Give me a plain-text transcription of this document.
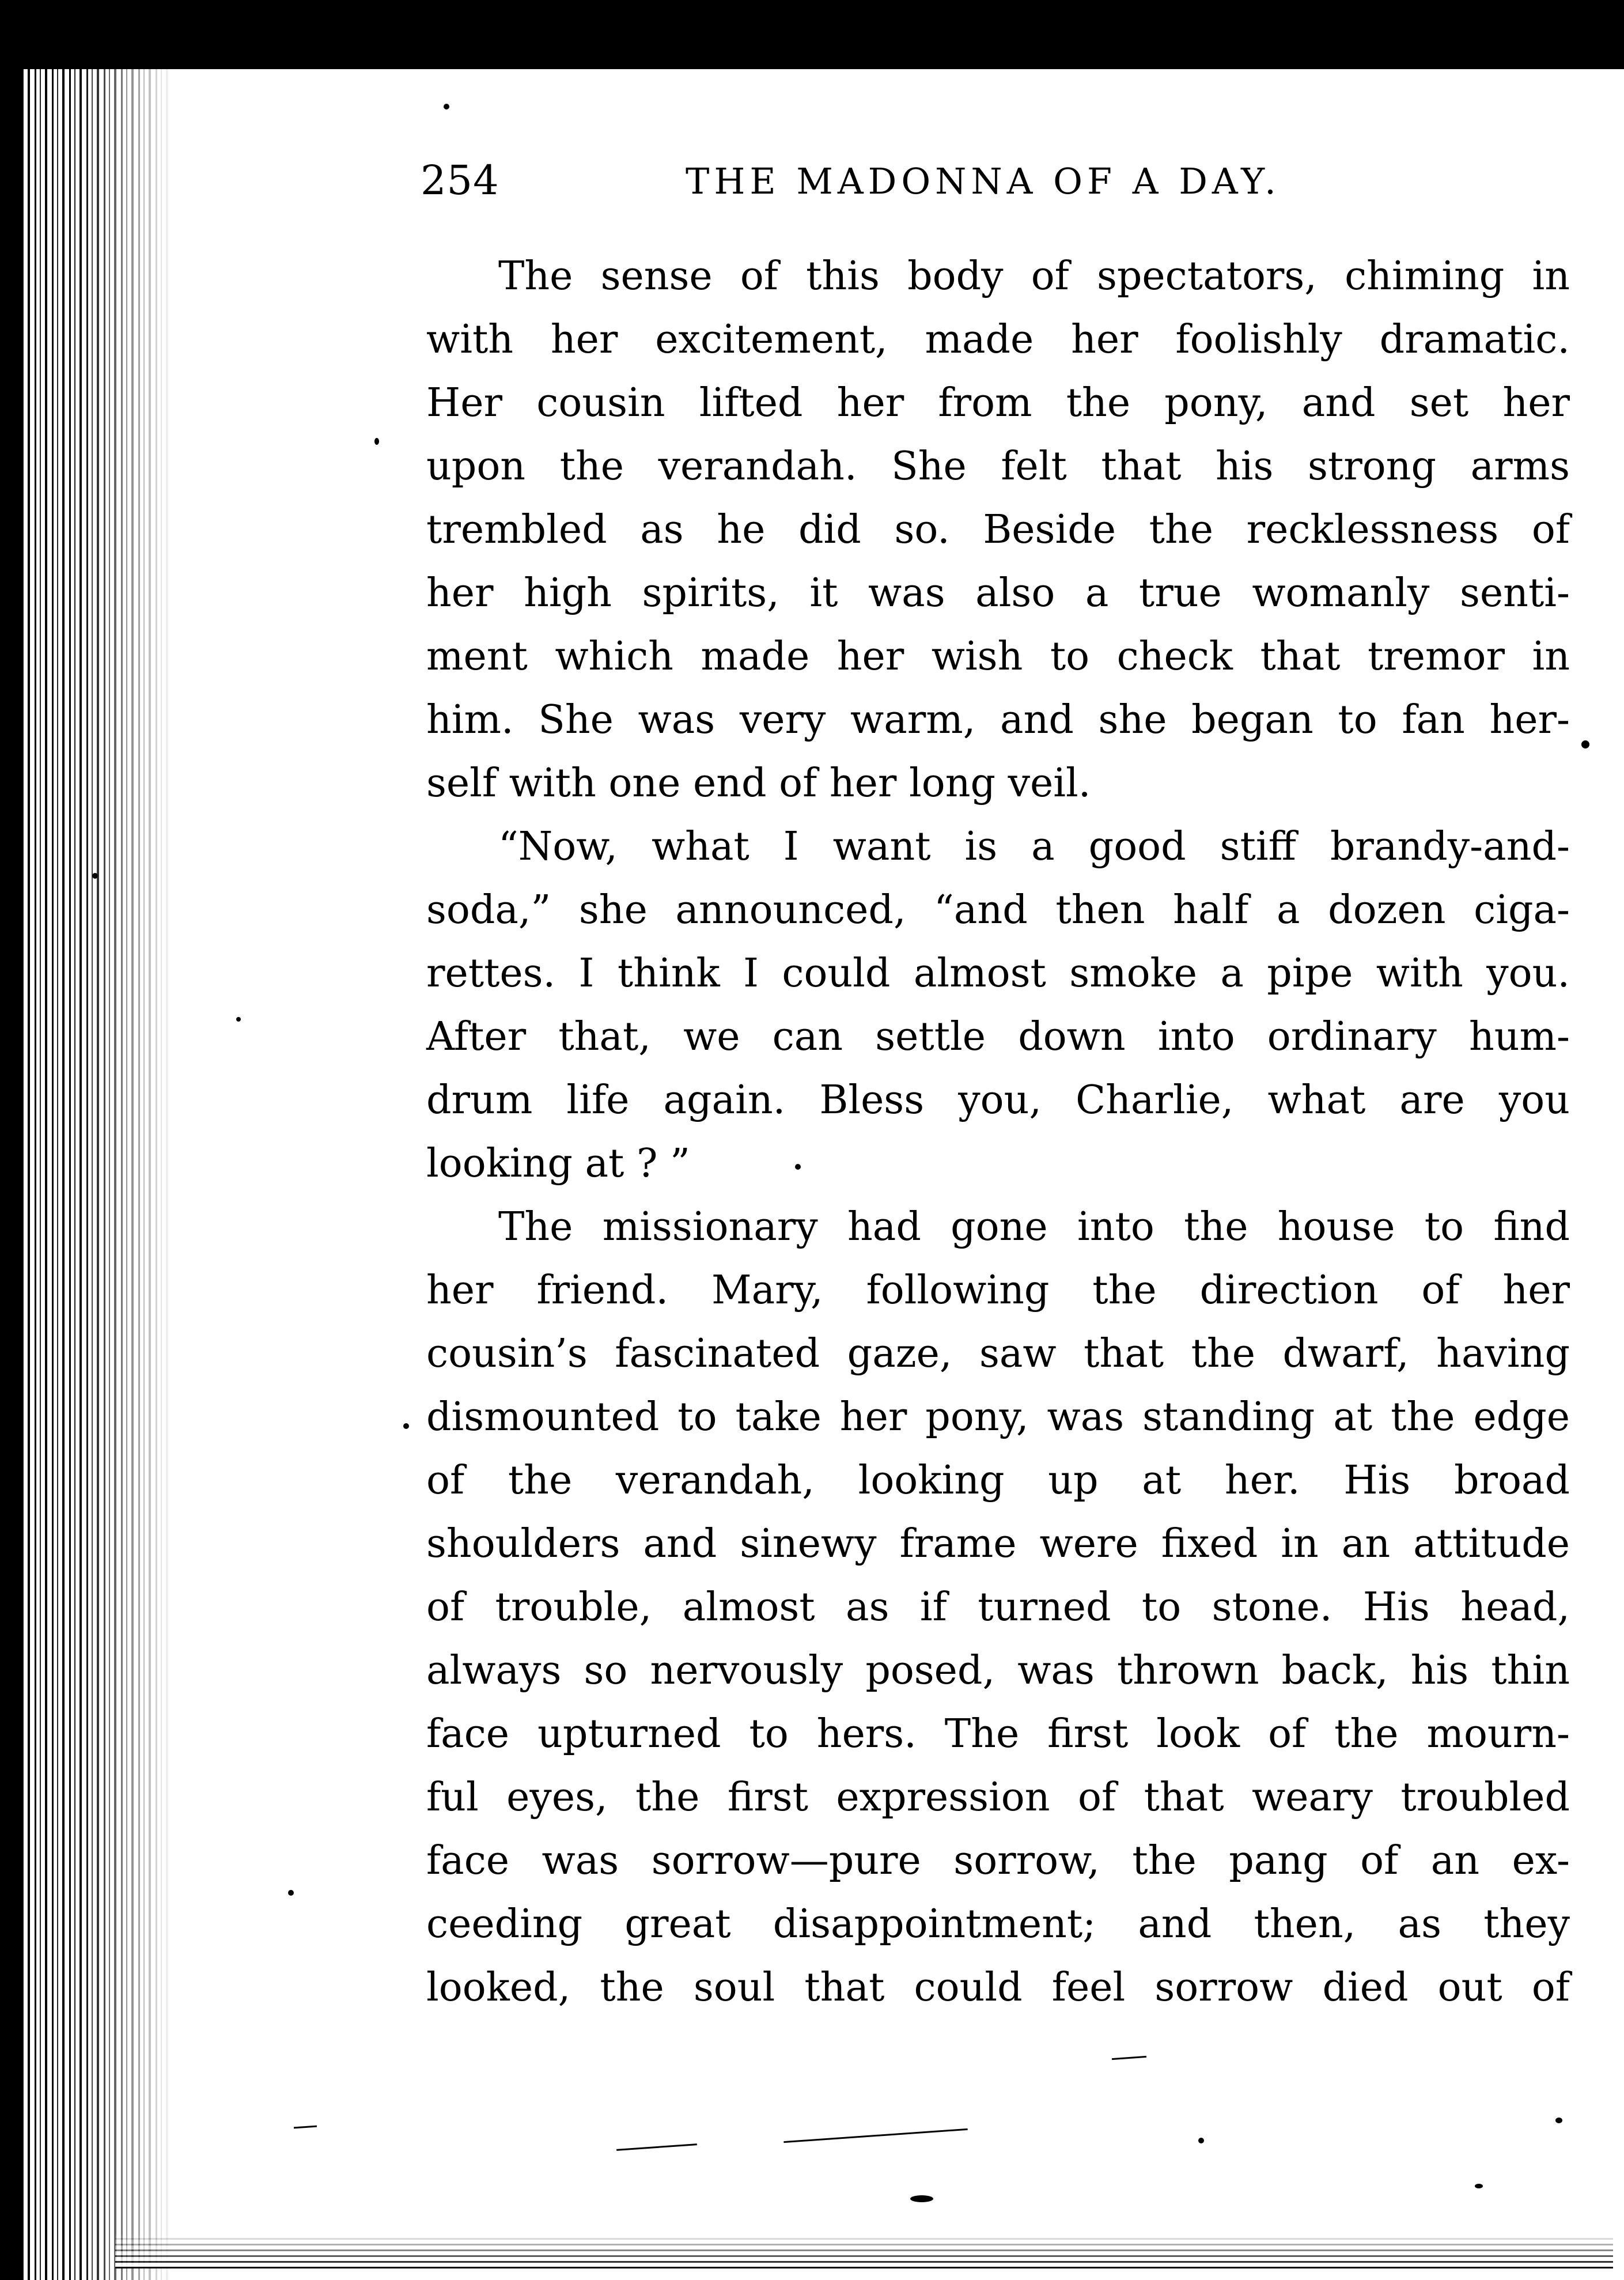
254	THE MADONNA OF A DAY.
The sense of this body of spectators, chiming in
with her excitement, made her foolishly dramatic.
Her cousin lifted her from the pony, and set her
upon the verandah. She felt that his strong arms
trembled as he did so. Beside the recklessness of
her high spirits, it was also a true womanly senti-
ment which made her wish to check that tremor in
him. She was very warm, and she began to fan her-
self with one end of her long veil.
“Now, what I want is a good stiff brandy-and-
soda,” she announced, “and then half a dozen ciga-
rettes. I think I could almost smoke a pipe with you.
After that, we can settle down into ordinary hum-
drum life again. Bless you, Charlie, what are you
looking at ? ”
The missionary had gone into the house to find
her friend. Mary, following the direction of her
cousin’s fascinated gaze, saw that the dwarf, having
dismounted to take her pony, was standing at the edge
of the verandah, looking up at her. His broad
shoulders and sinewy frame were fixed in an attitude
of trouble, almost as if turned to stone. His head,
always so nervously posed, was thrown back, his thin
face upturned to hers. The first look of the mourn-
ful eyes, the first expression of that weary troubled
face was sorrow—pure sorrow, the pang of an ex-
ceeding great disappointment; and then, as they
looked, the soul that could feel sorrow died out of
